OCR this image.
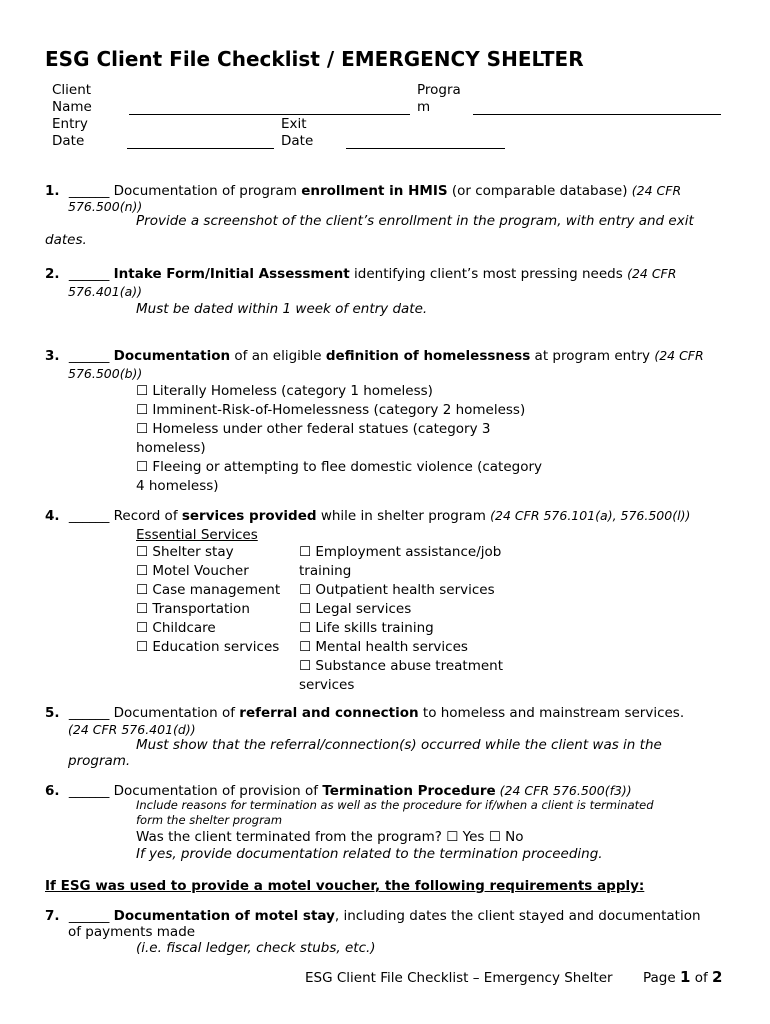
ESG Client File Checklist / EMERGENCY SHELTER
Client
Name
Progra
m
Entry
Date
Exit
Date
1. ______ Documentation of program enrollment in HMIS (or comparable database) (24 CFR
576.500(n))
Provide a screenshot of the client’s enrollment in the program, with entry and exit
dates.
2. ______ Intake Form/Initial Assessment identifying client’s most pressing needs (24 CFR
576.401(a))
Must be dated within 1 week of entry date.
3. ______ Documentation of an eligible definition of homelessness at program entry (24 CFR
576.500(b))
☐ Literally Homeless (category 1 homeless)
☐ Imminent-Risk-of-Homelessness (category 2 homeless)
☐ Homeless under other federal statues (category 3
homeless)
☐ Fleeing or attempting to flee domestic violence (category
4 homeless)
4. ______ Record of services provided while in shelter program (24 CFR 576.101(a), 576.500(l))
Essential Services
☐ Shelter stay
☐ Motel Voucher
☐ Case management
☐ Transportation
☐ Childcare
☐ Education services
☐ Employment assistance/job
training
☐ Outpatient health services
☐ Legal services
☐ Life skills training
☐ Mental health services
☐ Substance abuse treatment
services
5. ______ Documentation of referral and connection to homeless and mainstream services.
(24 CFR 576.401(d))
Must show that the referral/connection(s) occurred while the client was in the
program.
6. ______ Documentation of provision of Termination Procedure (24 CFR 576.500(f3))
Include reasons for termination as well as the procedure for if/when a client is terminated
form the shelter program
Was the client terminated from the program? ☐ Yes ☐ No
If yes, provide documentation related to the termination proceeding.
If ESG was used to provide a motel voucher, the following requirements apply:
7. ______ Documentation of motel stay, including dates the client stayed and documentation
of payments made
(i.e. fiscal ledger, check stubs, etc.)
ESG Client File Checklist – Emergency Shelter Page 1 of 2
